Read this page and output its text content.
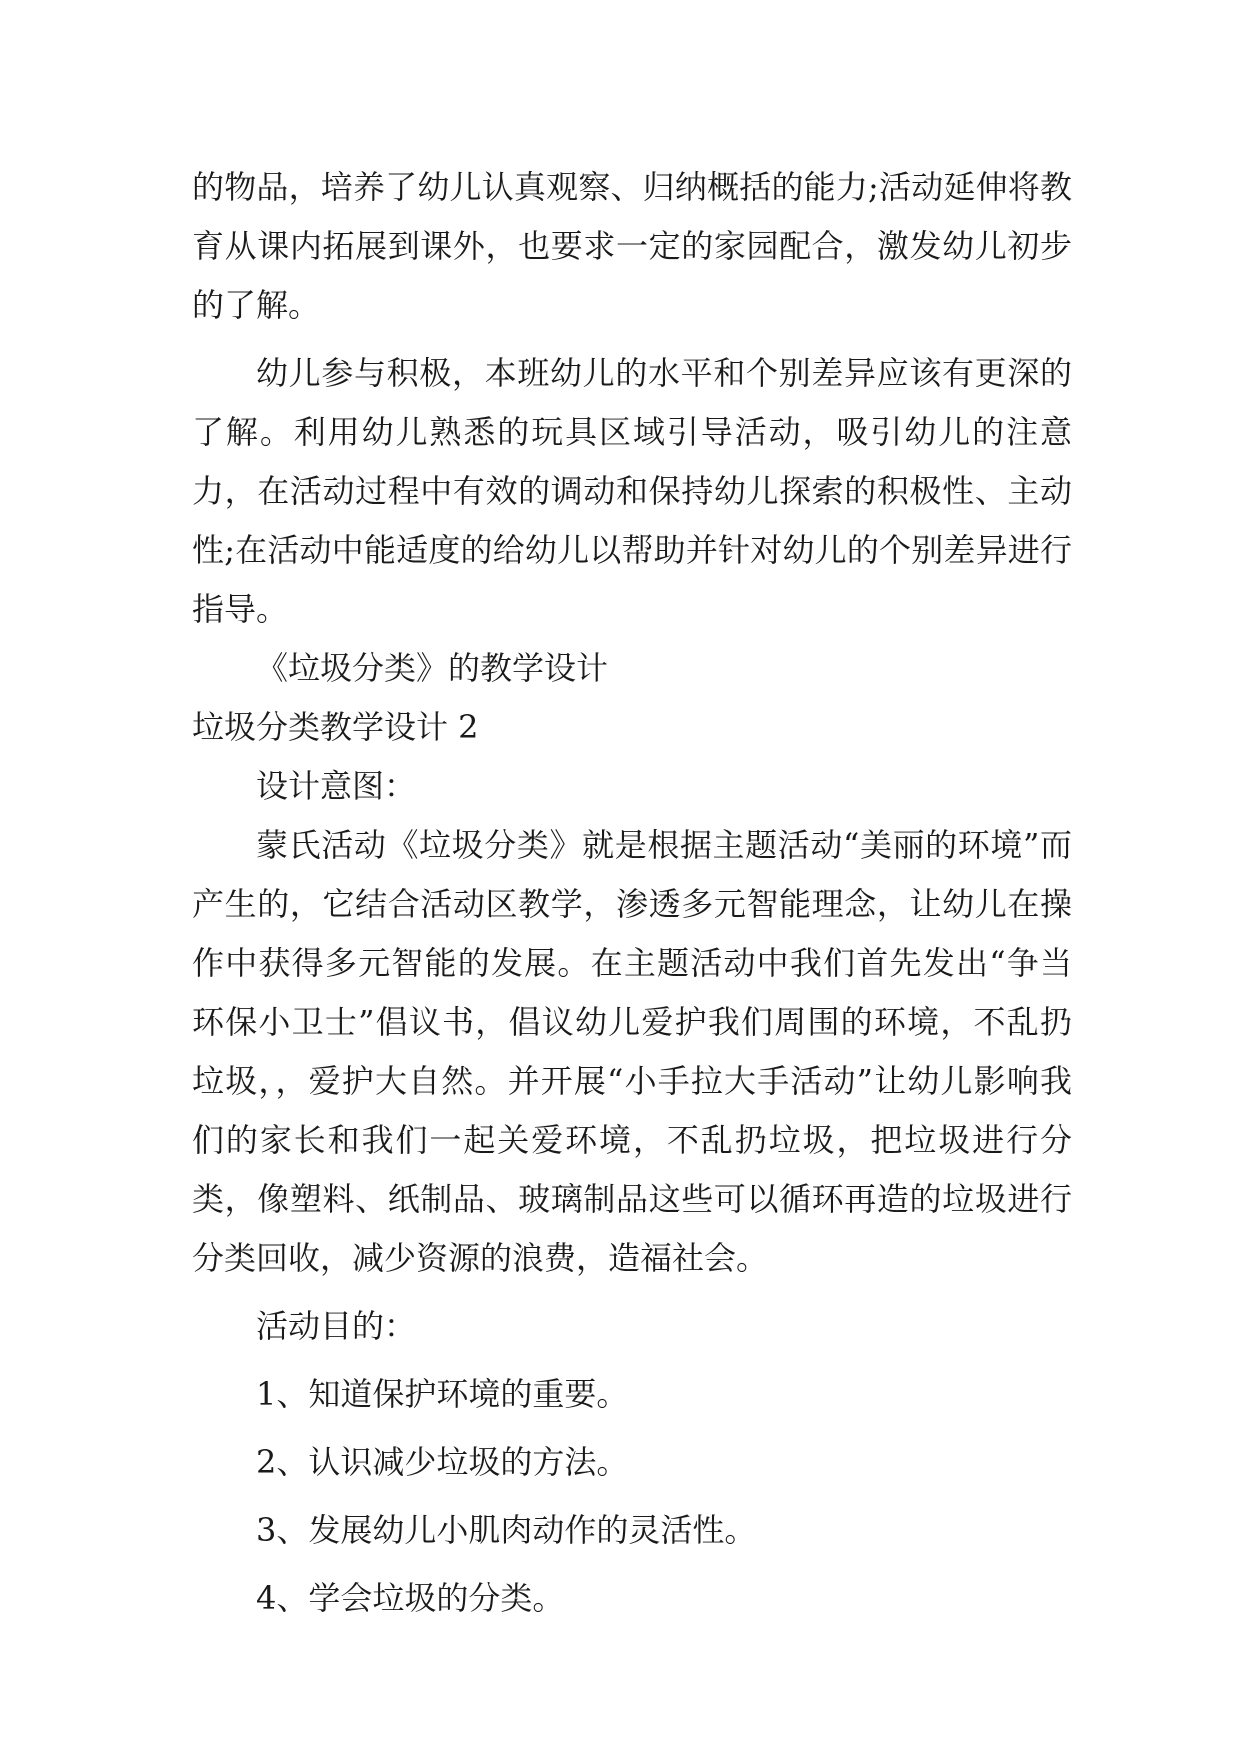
的物品，培养了幼儿认真观察、归纳概括的能力;活动延伸将教育从课内拓展到课外，也要求一定的家园配合，激发幼儿初步的了解。

幼儿参与积极，本班幼儿的水平和个别差异应该有更深的了解。利用幼儿熟悉的玩具区域引导活动，吸引幼儿的注意力，在活动过程中有效的调动和保持幼儿探索的积极性、主动性;在活动中能适度的给幼儿以帮助并针对幼儿的个别差异进行指导。

《垃圾分类》的教学设计

垃圾分类教学设计 2

设计意图：

蒙氏活动《垃圾分类》就是根据主题活动“美丽的环境”而产生的，它结合活动区教学，渗透多元智能理念，让幼儿在操作中获得多元智能的发展。在主题活动中我们首先发出“争当环保小卫士”倡议书，倡议幼儿爱护我们周围的环境，不乱扔垃圾，，爱护大自然。并开展“小手拉大手活动”让幼儿影响我们的家长和我们一起关爱环境，不乱扔垃圾，把垃圾进行分类，像塑料、纸制品、玻璃制品这些可以循环再造的垃圾进行分类回收，减少资源的浪费，造福社会。

活动目的：

1、知道保护环境的重要。

2、认识减少垃圾的方法。

3、发展幼儿小肌肉动作的灵活性。

4、学会垃圾的分类。
